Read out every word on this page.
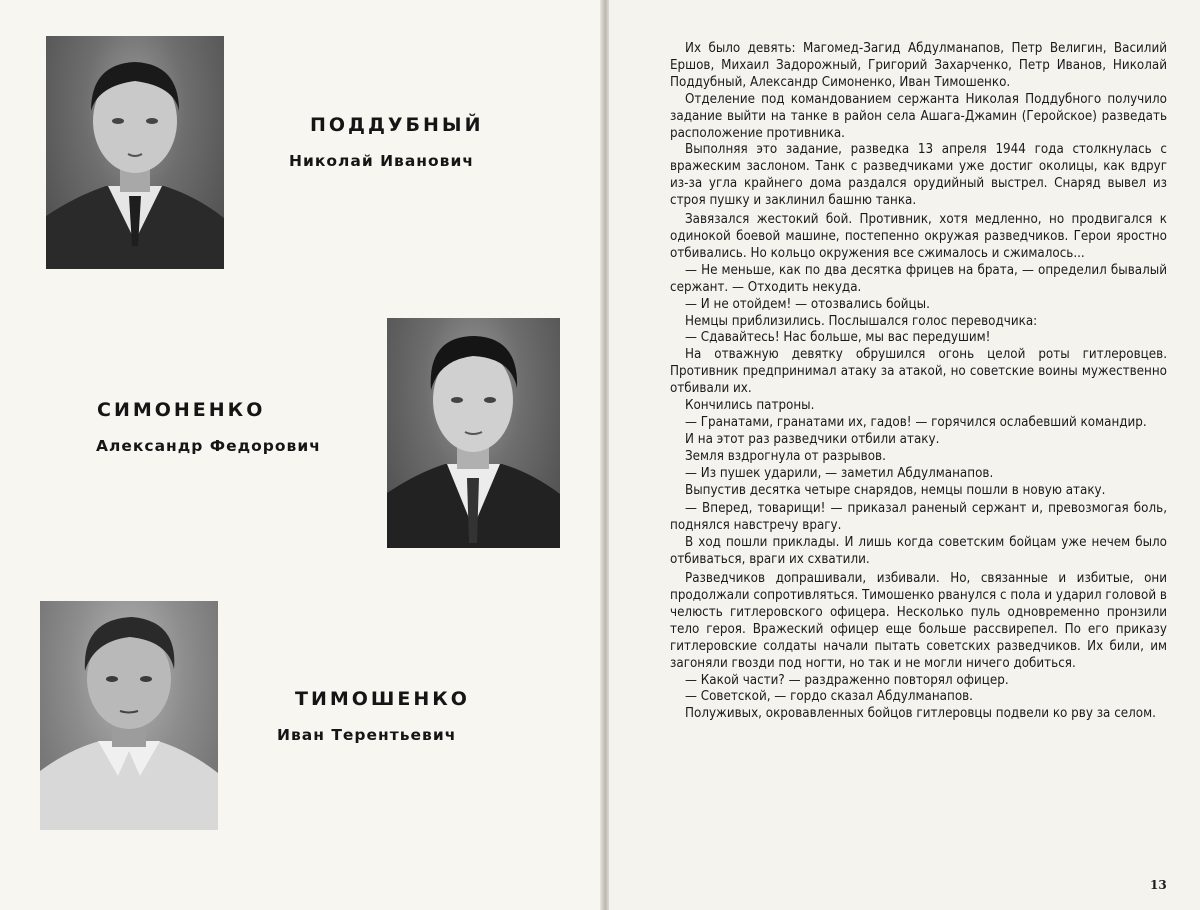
ПОДДУБНЫЙ
Николай Иванович
СИМОНЕНКО
Александр Федорович
ТИМОШЕНКО
Иван Терентьевич

Их было девять: Магомед-Загид Абдулманапов, Петр Велигин, Василий Ершов, Михаил Задорожный, Григорий Захарченко, Петр Иванов, Николай Поддубный, Александр Симоненко, Иван Тимошенко.

Отделение под командованием сержанта Николая Поддубного получило задание выйти на танке в район села Ашага-Джамин (Геройское) разведать расположение противника.

Выполняя это задание, разведка 13 апреля 1944 года столкнулась с вражеским заслоном. Танк с разведчиками уже достиг околицы, как вдруг из-за угла крайнего дома раздался орудийный выстрел. Снаряд вывел из строя пушку и заклинил башню танка.

Завязался жестокий бой. Противник, хотя медленно, но продвигался к одинокой боевой машине, постепенно окружая разведчиков. Герои яростно отбивались. Но кольцо окружения все сжималось и сжималось...

— Не меньше, как по два десятка фрицев на брата, — определил бывалый сержант. — Отходить некуда.

— И не отойдем! — отозвались бойцы.

Немцы приблизились. Послышался голос переводчика:

— Сдавайтесь! Нас больше, мы вас передушим!

На отважную девятку обрушился огонь целой роты гитлеровцев. Противник предпринимал атаку за атакой, но советские воины мужественно отбивали их.

Кончились патроны.

— Гранатами, гранатами их, гадов! — горячился ослабевший командир.

И на этот раз разведчики отбили атаку.

Земля вздрогнула от разрывов.

— Из пушек ударили, — заметил Абдулманапов.

Выпустив десятка четыре снарядов, немцы пошли в новую атаку.

— Вперед, товарищи! — приказал раненый сержант и, превозмогая боль, поднялся навстречу врагу.

В ход пошли приклады. И лишь когда советским бойцам уже нечем было отбиваться, враги их схватили.

Разведчиков допрашивали, избивали. Но, связанные и избитые, они продолжали сопротивляться. Тимошенко рванулся с пола и ударил головой в челюсть гитлеровского офицера. Несколько пуль одновременно пронзили тело героя. Вражеский офицер еще больше рассвирепел. По его приказу гитлеровские солдаты начали пытать советских разведчиков. Их били, им загоняли гвозди под ногти, но так и не могли ничего добиться.

— Какой части? — раздраженно повторял офицер.

— Советской, — гордо сказал Абдулманапов.

Полуживых, окровавленных бойцов гитлеровцы подвели ко рву за селом.

13
